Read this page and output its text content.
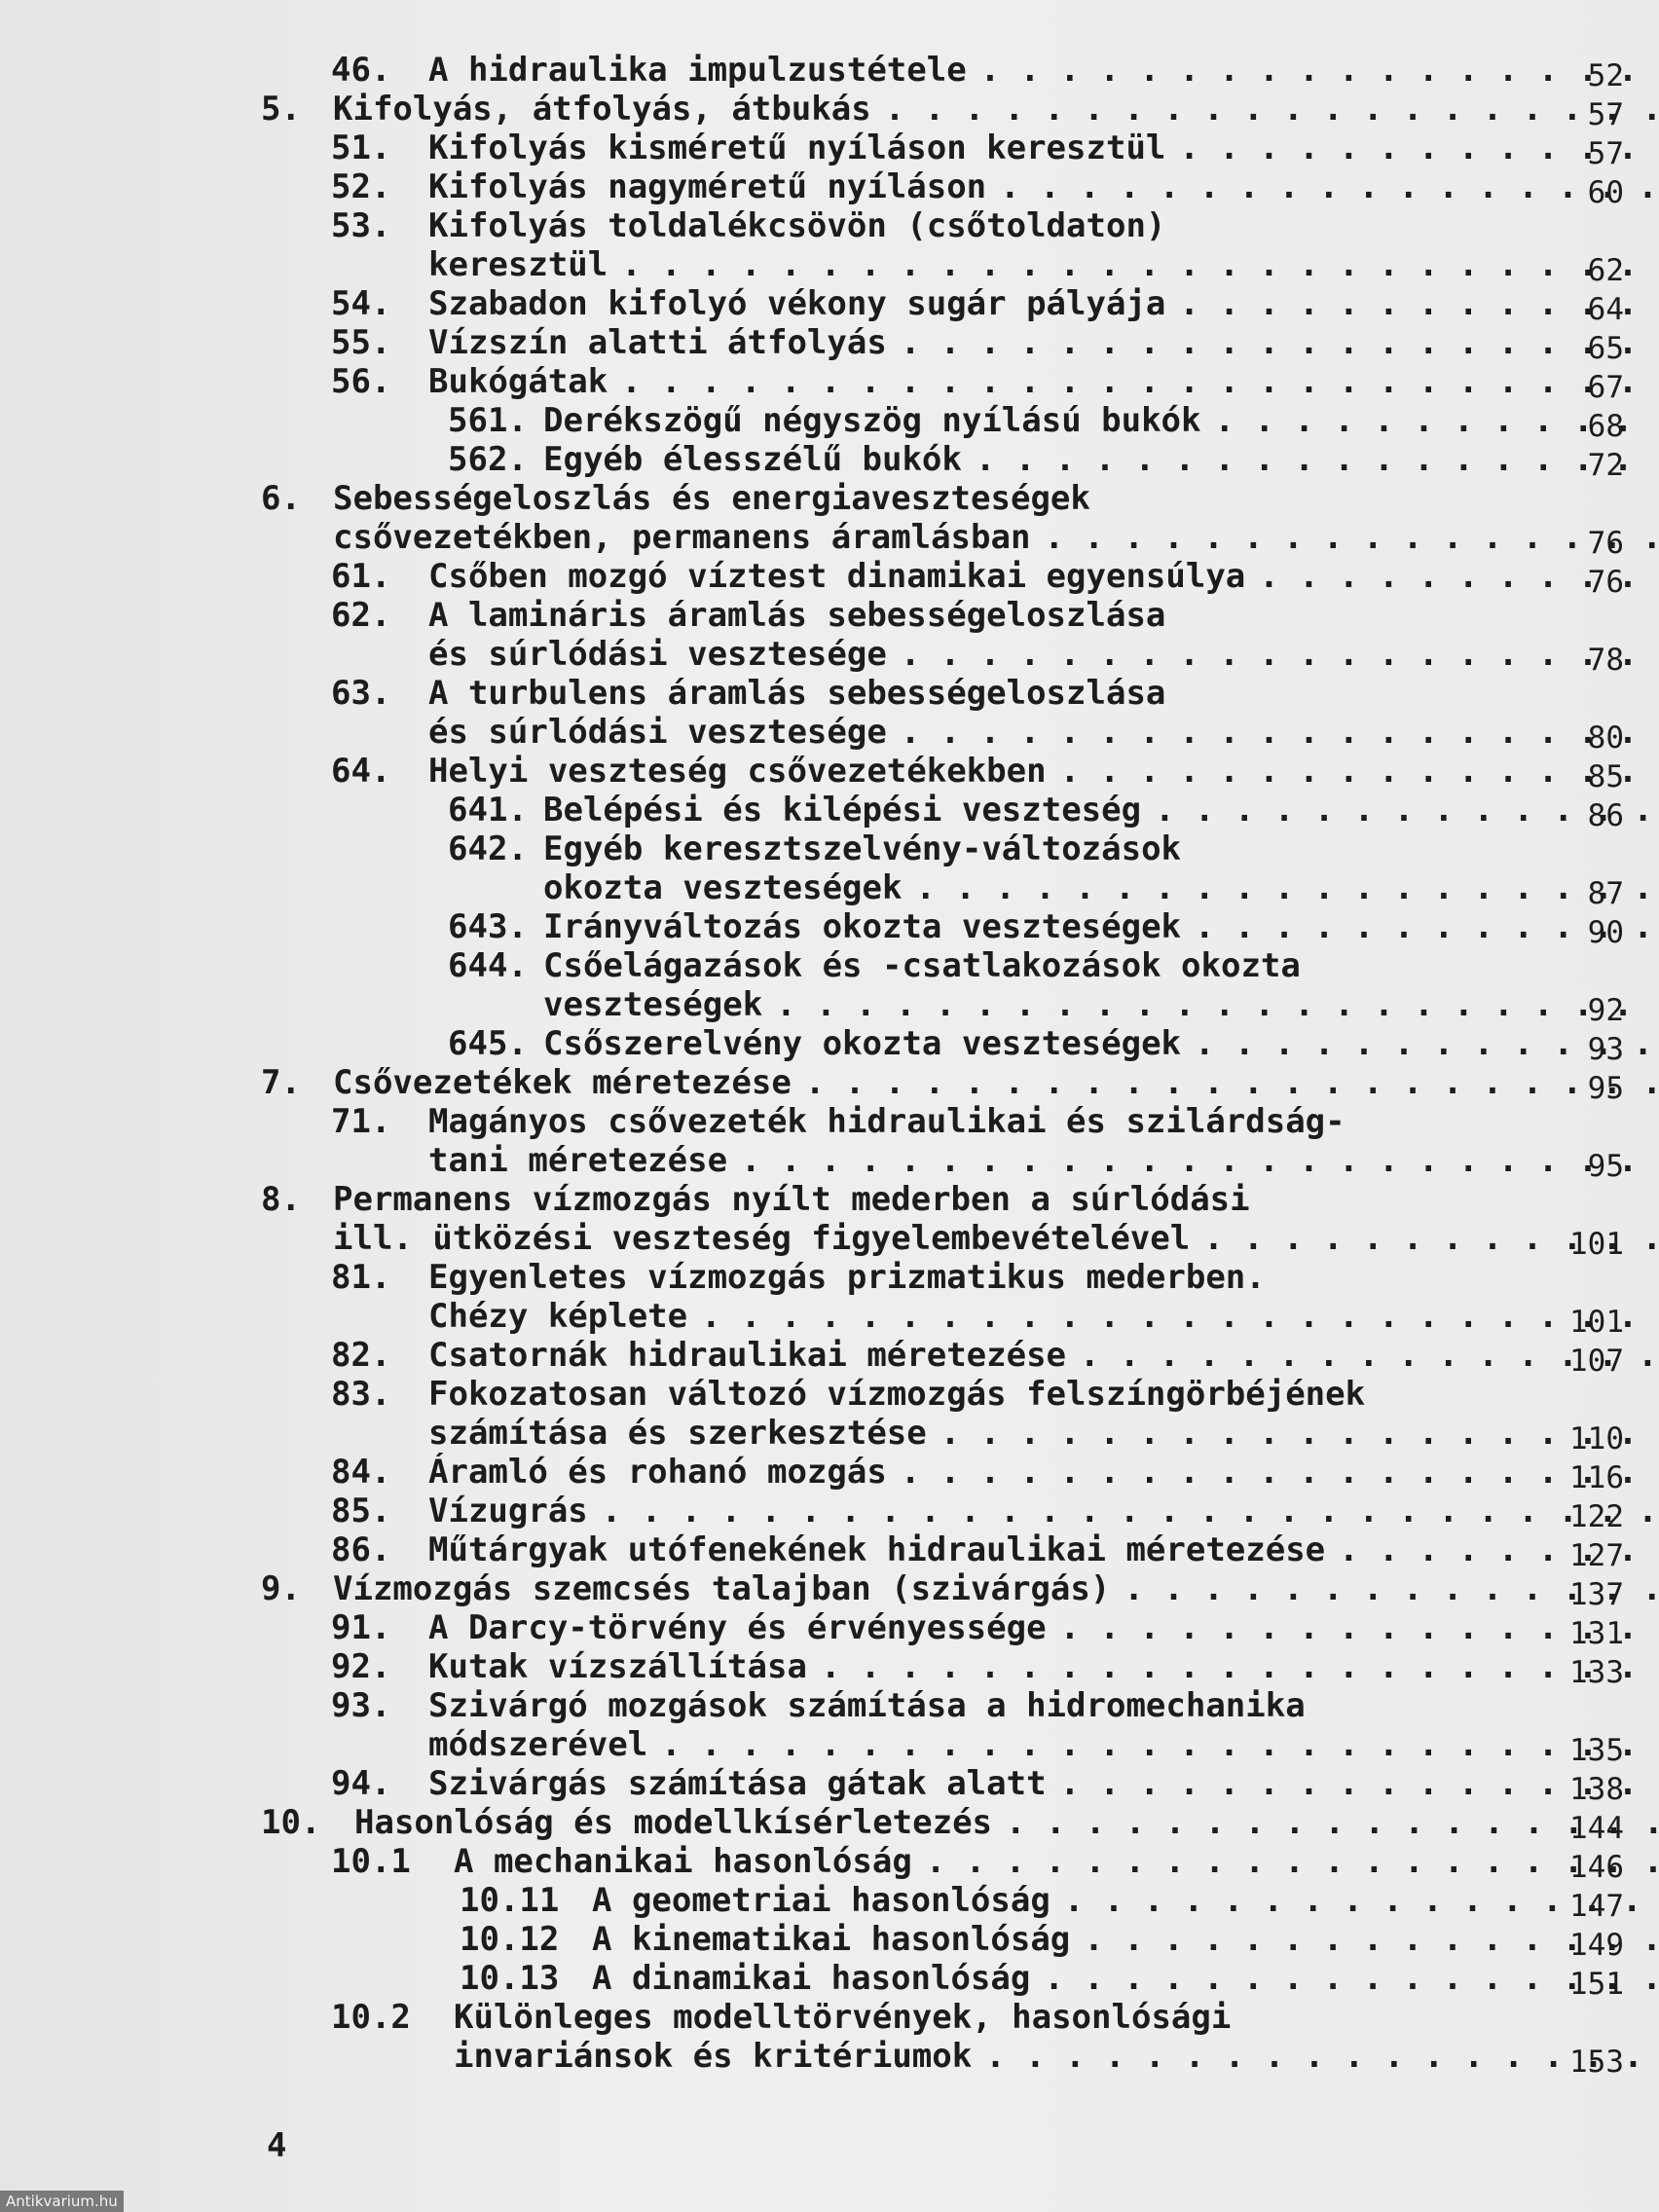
46. A hidraulika impulzustétele . . .	52
5. Kifolyás, átfolyás, átbukás . . .	57
51. Kifolyás kisméretű nyíláson keresztül . . .	57
52. Kifolyás nagyméretű nyíláson . . .	60
53. Kifolyás toldalékcsövön (csőtoldaton)
keresztül . . .	62
54. Szabadon kifolyó vékony sugár pályája . . .	64
55. Vízszín alatti átfolyás . . .	65
56. Bukógátak . . .	67
561. Derékszögű négyszög nyílású bukók . . .	68
562. Egyéb élesszélű bukók . . .	72
6. Sebességeloszlás és energiaveszteségek
csővezetékben, permanens áramlásban . . .	76
61. Csőben mozgó víztest dinamikai egyensúlya . . .	76
62. A lamináris áramlás sebességeloszlása
és súrlódási vesztesége . . .	78
63. A turbulens áramlás sebességeloszlása
és súrlódási vesztesége . . .	80
64. Helyi veszteség csővezetékekben . . .	85
641. Belépési és kilépési veszteség . . .	86
642. Egyéb keresztszelvény-változások
okozta veszteségek . . .	87
643. Irányváltozás okozta veszteségek . . .	90
644. Csőelágazások és -csatlakozások okozta
veszteségek . . .	92
645. Csőszerelvény okozta veszteségek . . .	93
7. Csővezetékek méretezése . . .	95
71. Magányos csővezeték hidraulikai és szilárdság-
tani méretezése . . .	95
8. Permanens vízmozgás nyílt mederben a súrlódási
ill. ütközési veszteség figyelembevételével . . .	101
81. Egyenletes vízmozgás prizmatikus mederben.
Chézy képlete . . .	101
82. Csatornák hidraulikai méretezése . . .	107
83. Fokozatosan változó vízmozgás felszíngörbéjének
számítása és szerkesztése . . .	110
84. Áramló és rohanó mozgás . . .	116
85. Vízugrás . . .	122
86. Műtárgyak utófenekének hidraulikai méretezése . . .	127
9. Vízmozgás szemcsés talajban (szivárgás) . . .	137
91. A Darcy-törvény és érvényessége . . .	131
92. Kutak vízszállítása . . .	133
93. Szivárgó mozgások számítása a hidromechanika
módszerével . . .	135
94. Szivárgás számítása gátak alatt . . .	138
10. Hasonlóság és modellkísérletezés . . .	144
10.1 A mechanikai hasonlóság . . .	146
10.11 A geometriai hasonlóság . . .	147
10.12 A kinematikai hasonlóság . . .	149
10.13 A dinamikai hasonlóság . . .	151
10.2 Különleges modelltörvények, hasonlósági
invariánsok és kritériumok . . .	153
4
Antikvarium.hu
